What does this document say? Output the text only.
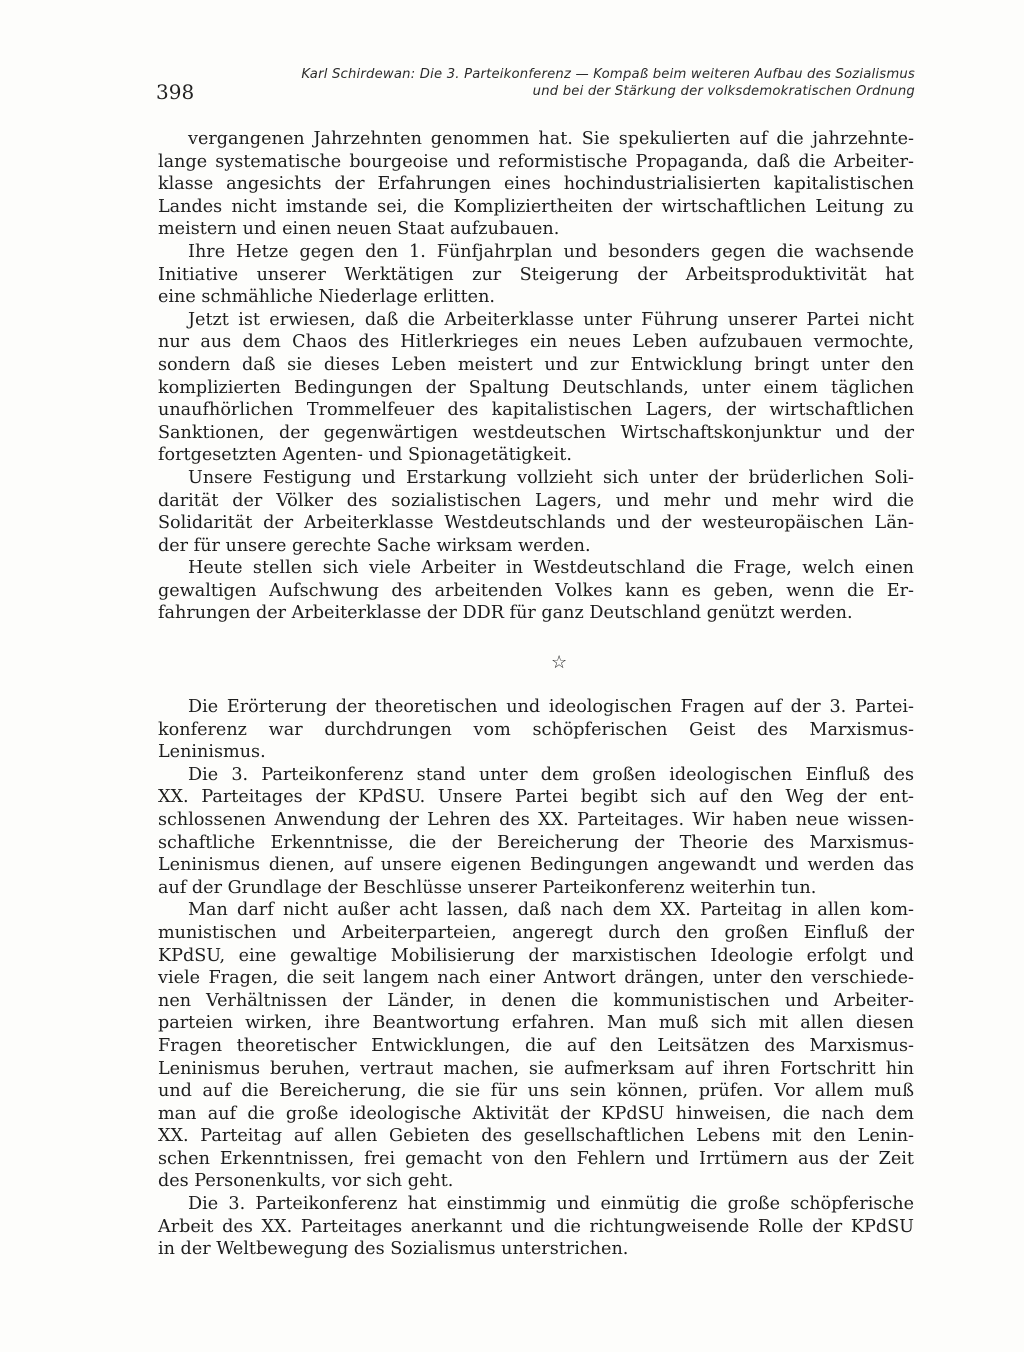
398
Karl Schirdewan: Die 3. Parteikonferenz — Kompaß beim weiteren Aufbau des Sozialismus
und bei der Stärkung der volksdemokratischen Ordnung

vergangenen Jahrzehnten genommen hat. Sie spekulierten auf die jahrzehnte-
lange systematische bourgeoise und reformistische Propaganda, daß die Arbeiter-
klasse angesichts der Erfahrungen eines hochindustrialisierten kapitalistischen
Landes nicht imstande sei, die Kompliziertheiten der wirtschaftlichen Leitung zu
meistern und einen neuen Staat aufzubauen.

Ihre Hetze gegen den 1. Fünfjahrplan und besonders gegen die wachsende
Initiative unserer Werktätigen zur Steigerung der Arbeitsproduktivität hat
eine schmähliche Niederlage erlitten.

Jetzt ist erwiesen, daß die Arbeiterklasse unter Führung unserer Partei nicht
nur aus dem Chaos des Hitlerkrieges ein neues Leben aufzubauen vermochte,
sondern daß sie dieses Leben meistert und zur Entwicklung bringt unter den
komplizierten Bedingungen der Spaltung Deutschlands, unter einem täglichen
unaufhörlichen Trommelfeuer des kapitalistischen Lagers, der wirtschaftlichen
Sanktionen, der gegenwärtigen westdeutschen Wirtschaftskonjunktur und der
fortgesetzten Agenten- und Spionagetätigkeit.

Unsere Festigung und Erstarkung vollzieht sich unter der brüderlichen Soli-
darität der Völker des sozialistischen Lagers, und mehr und mehr wird die
Solidarität der Arbeiterklasse Westdeutschlands und der westeuropäischen Län-
der für unsere gerechte Sache wirksam werden.

Heute stellen sich viele Arbeiter in Westdeutschland die Frage, welch einen
gewaltigen Aufschwung des arbeitenden Volkes kann es geben, wenn die Er-
fahrungen der Arbeiterklasse der DDR für ganz Deutschland genützt werden.

☆

Die Erörterung der theoretischen und ideologischen Fragen auf der 3. Partei-
konferenz war durchdrungen vom schöpferischen Geist des Marxismus-
Leninismus.

Die 3. Parteikonferenz stand unter dem großen ideologischen Einfluß des
XX. Parteitages der KPdSU. Unsere Partei begibt sich auf den Weg der ent-
schlossenen Anwendung der Lehren des XX. Parteitages. Wir haben neue wissen-
schaftliche Erkenntnisse, die der Bereicherung der Theorie des Marxismus-
Leninismus dienen, auf unsere eigenen Bedingungen angewandt und werden das
auf der Grundlage der Beschlüsse unserer Parteikonferenz weiterhin tun.

Man darf nicht außer acht lassen, daß nach dem XX. Parteitag in allen kom-
munistischen und Arbeiterparteien, angeregt durch den großen Einfluß der
KPdSU, eine gewaltige Mobilisierung der marxistischen Ideologie erfolgt und
viele Fragen, die seit langem nach einer Antwort drängen, unter den verschiede-
nen Verhältnissen der Länder, in denen die kommunistischen und Arbeiter-
parteien wirken, ihre Beantwortung erfahren. Man muß sich mit allen diesen
Fragen theoretischer Entwicklungen, die auf den Leitsätzen des Marxismus-
Leninismus beruhen, vertraut machen, sie aufmerksam auf ihren Fortschritt hin
und auf die Bereicherung, die sie für uns sein können, prüfen. Vor allem muß
man auf die große ideologische Aktivität der KPdSU hinweisen, die nach dem
XX. Parteitag auf allen Gebieten des gesellschaftlichen Lebens mit den Lenin-
schen Erkenntnissen, frei gemacht von den Fehlern und Irrtümern aus der Zeit
des Personenkults, vor sich geht.

Die 3. Parteikonferenz hat einstimmig und einmütig die große schöpferische
Arbeit des XX. Parteitages anerkannt und die richtungweisende Rolle der KPdSU
in der Weltbewegung des Sozialismus unterstrichen.
